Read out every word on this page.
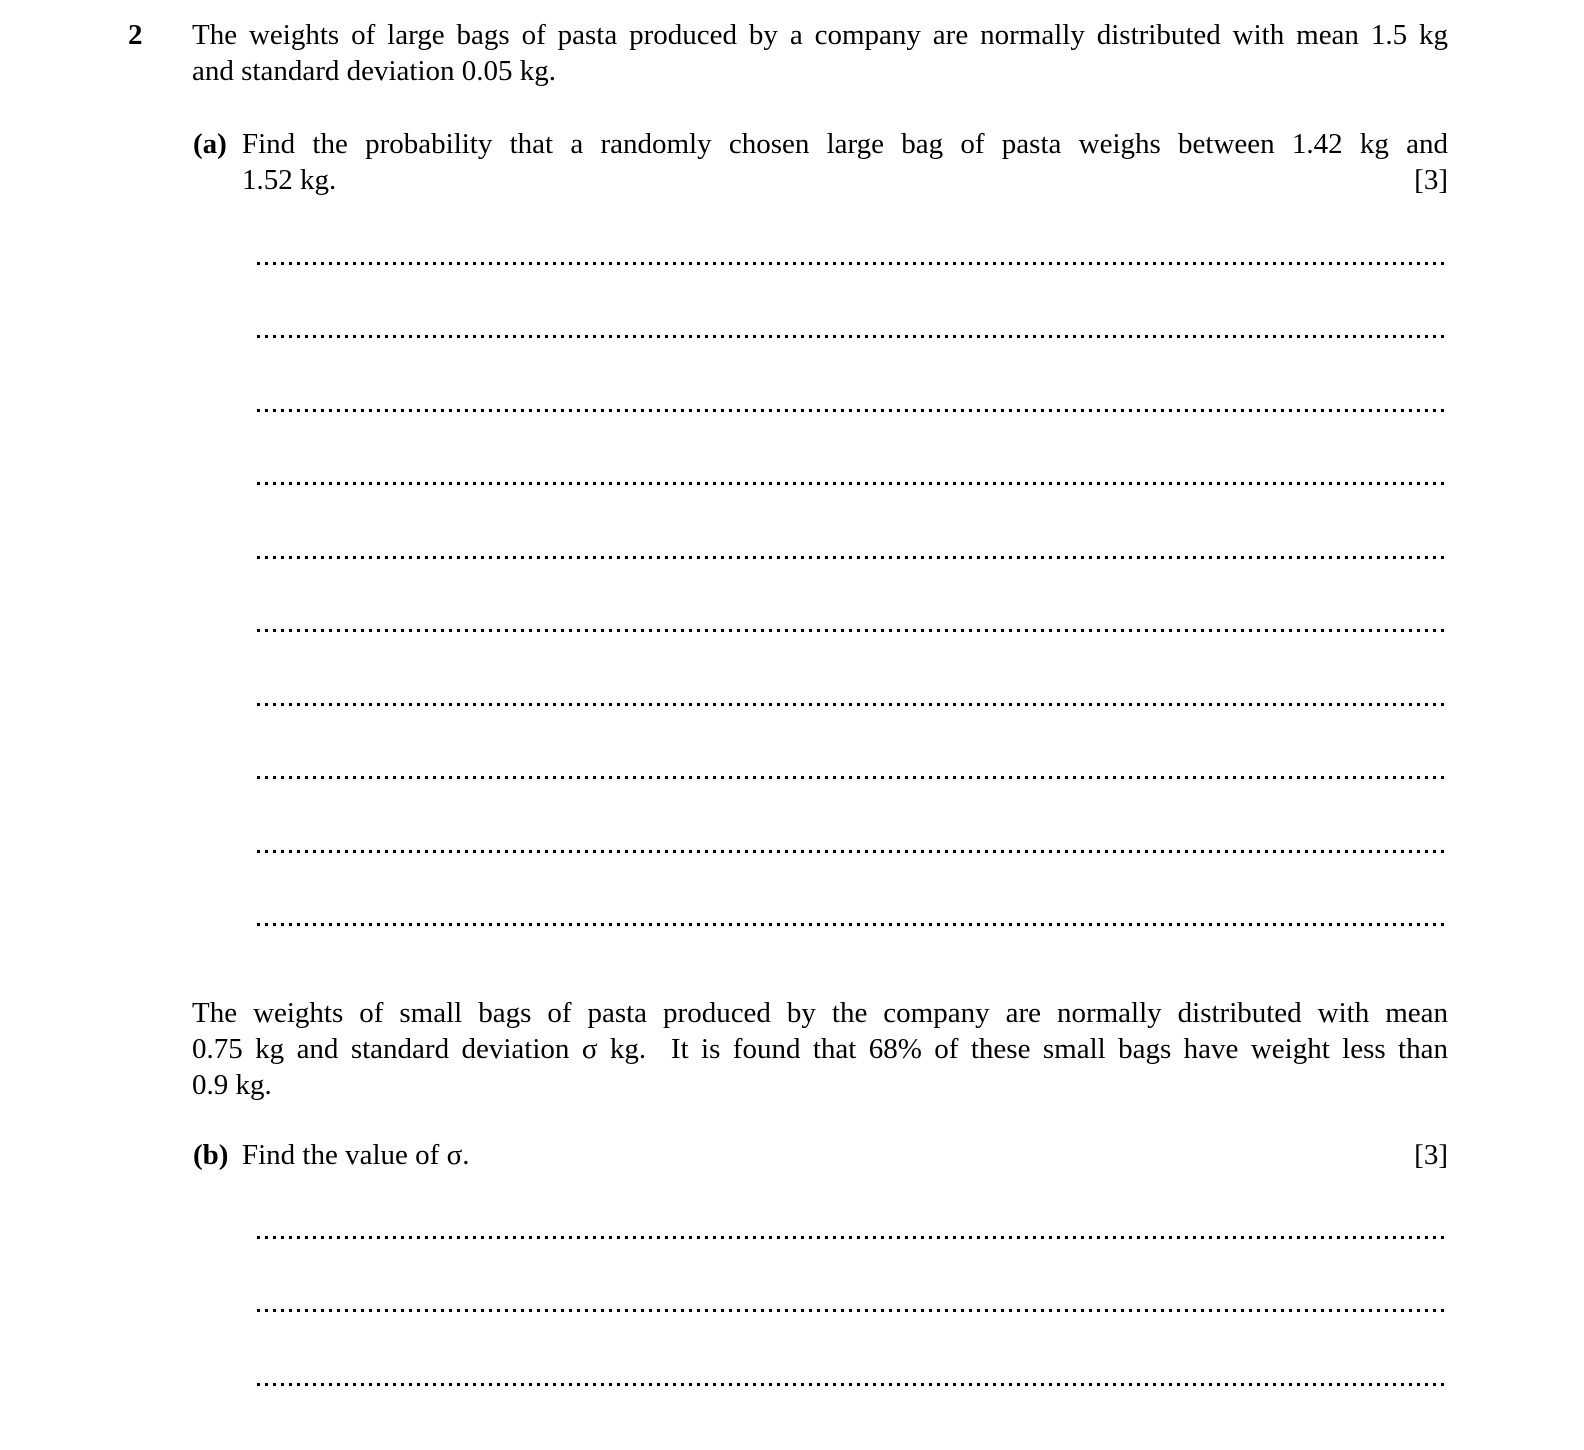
2	The weights of large bags of pasta produced by a company are normally distributed with mean 1.5 kg
and standard deviation 0.05 kg.
(a) Find the probability that a randomly chosen large bag of pasta weighs between 1.42 kg and
1.52 kg.	[3]
The weights of small bags of pasta produced by the company are normally distributed with mean
0.75 kg and standard deviation σ kg.  It is found that 68% of these small bags have weight less than
0.9 kg.
(b) Find the value of σ.	[3]
